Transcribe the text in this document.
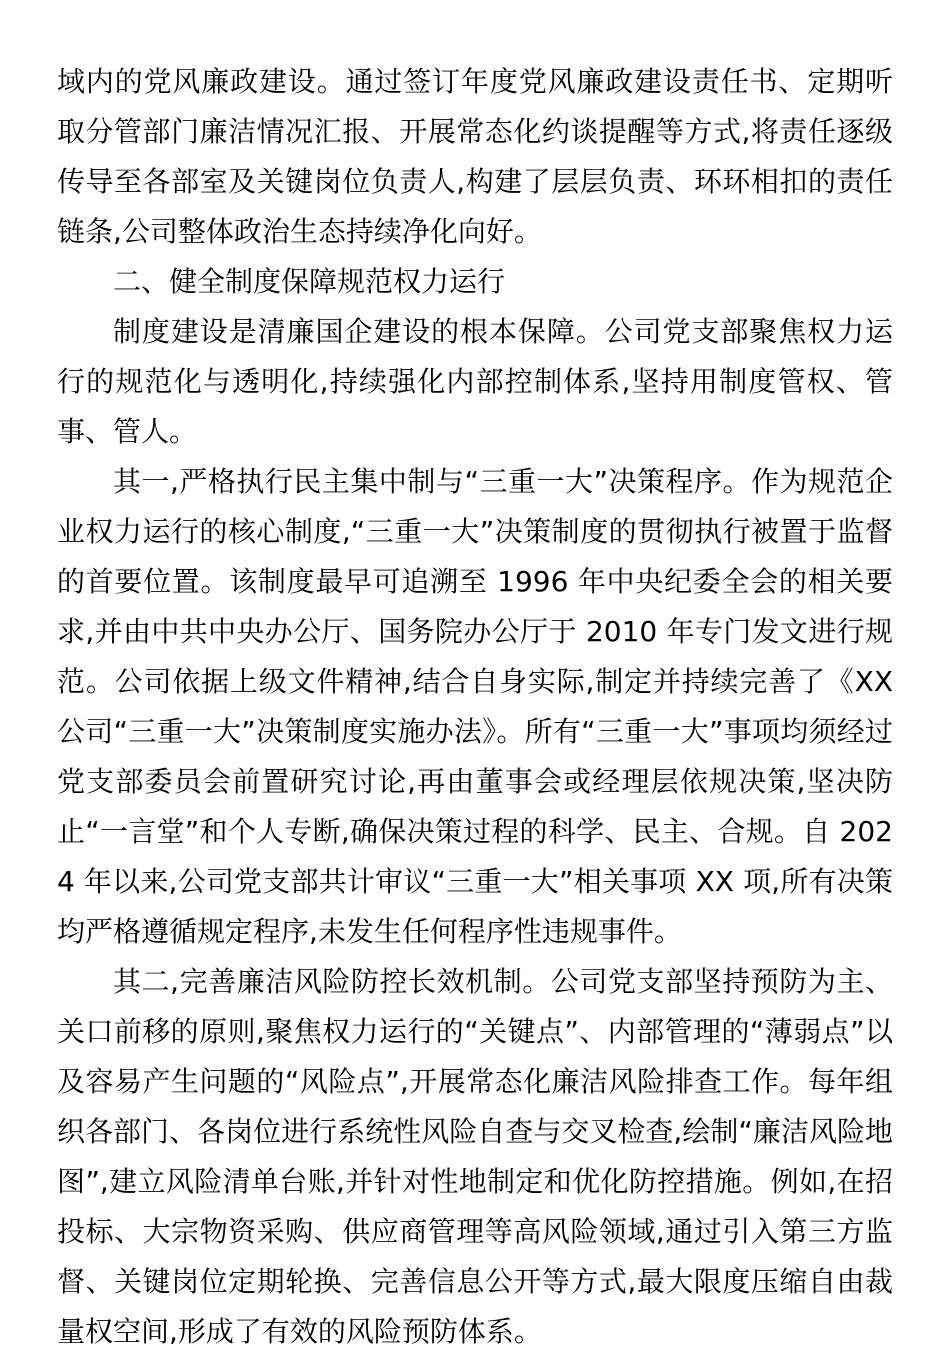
域内的党风廉政建设。通过签订年度党风廉政建设责任书、定期听取分管部门廉洁情况汇报、开展常态化约谈提醒等方式,将责任逐级传导至各部室及关键岗位负责人,构建了层层负责、环环相扣的责任链条,公司整体政治生态持续净化向好。

二、健全制度保障规范权力运行

制度建设是清廉国企建设的根本保障。公司党支部聚焦权力运行的规范化与透明化,持续强化内部控制体系,坚持用制度管权、管事、管人。

其一,严格执行民主集中制与“三重一大”决策程序。作为规范企业权力运行的核心制度,“三重一大”决策制度的贯彻执行被置于监督的首要位置。该制度最早可追溯至 1996 年中央纪委全会的相关要求,并由中共中央办公厅、国务院办公厅于 2010 年专门发文进行规范。公司依据上级文件精神,结合自身实际,制定并持续完善了《XX 公司“三重一大”决策制度实施办法》。所有“三重一大”事项均须经过党支部委员会前置研究讨论,再由董事会或经理层依规决策,坚决防止“一言堂”和个人专断,确保决策过程的科学、民主、合规。自 2024 年以来,公司党支部共计审议“三重一大”相关事项 XX 项,所有决策均严格遵循规定程序,未发生任何程序性违规事件。

其二,完善廉洁风险防控长效机制。公司党支部坚持预防为主、关口前移的原则,聚焦权力运行的“关键点”、内部管理的“薄弱点”以及容易产生问题的“风险点”,开展常态化廉洁风险排查工作。每年组织各部门、各岗位进行系统性风险自查与交叉检查,绘制“廉洁风险地图”,建立风险清单台账,并针对性地制定和优化防控措施。例如,在招投标、大宗物资采购、供应商管理等高风险领域,通过引入第三方监督、关键岗位定期轮换、完善信息公开等方式,最大限度压缩自由裁量权空间,形成了有效的风险预防体系。
